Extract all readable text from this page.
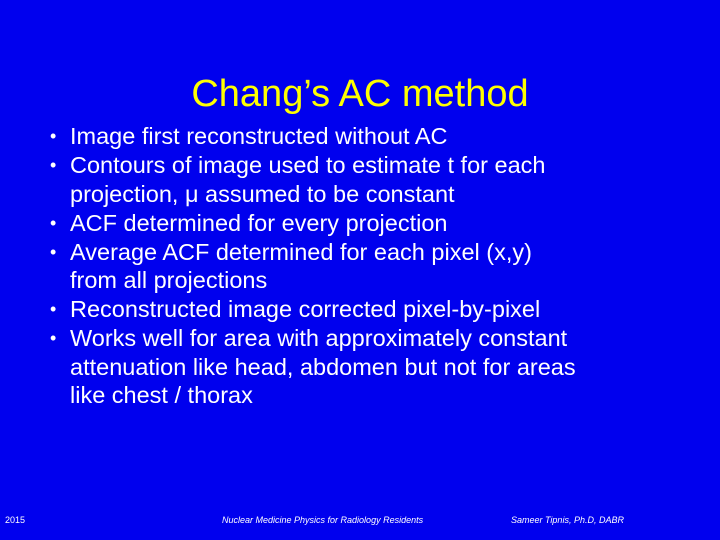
Chang’s AC method
• Image first reconstructed without AC
• Contours of image used to estimate t for each
projection, μ assumed to be constant
• ACF determined for every projection
• Average ACF determined for each pixel (x,y)
from all projections
• Reconstructed image corrected pixel-by-pixel
• Works well for area with approximately constant
attenuation like head, abdomen but not for areas
like chest / thorax
2015	Nuclear Medicine Physics for Radiology Residents	Sameer Tipnis, Ph.D, DABR
